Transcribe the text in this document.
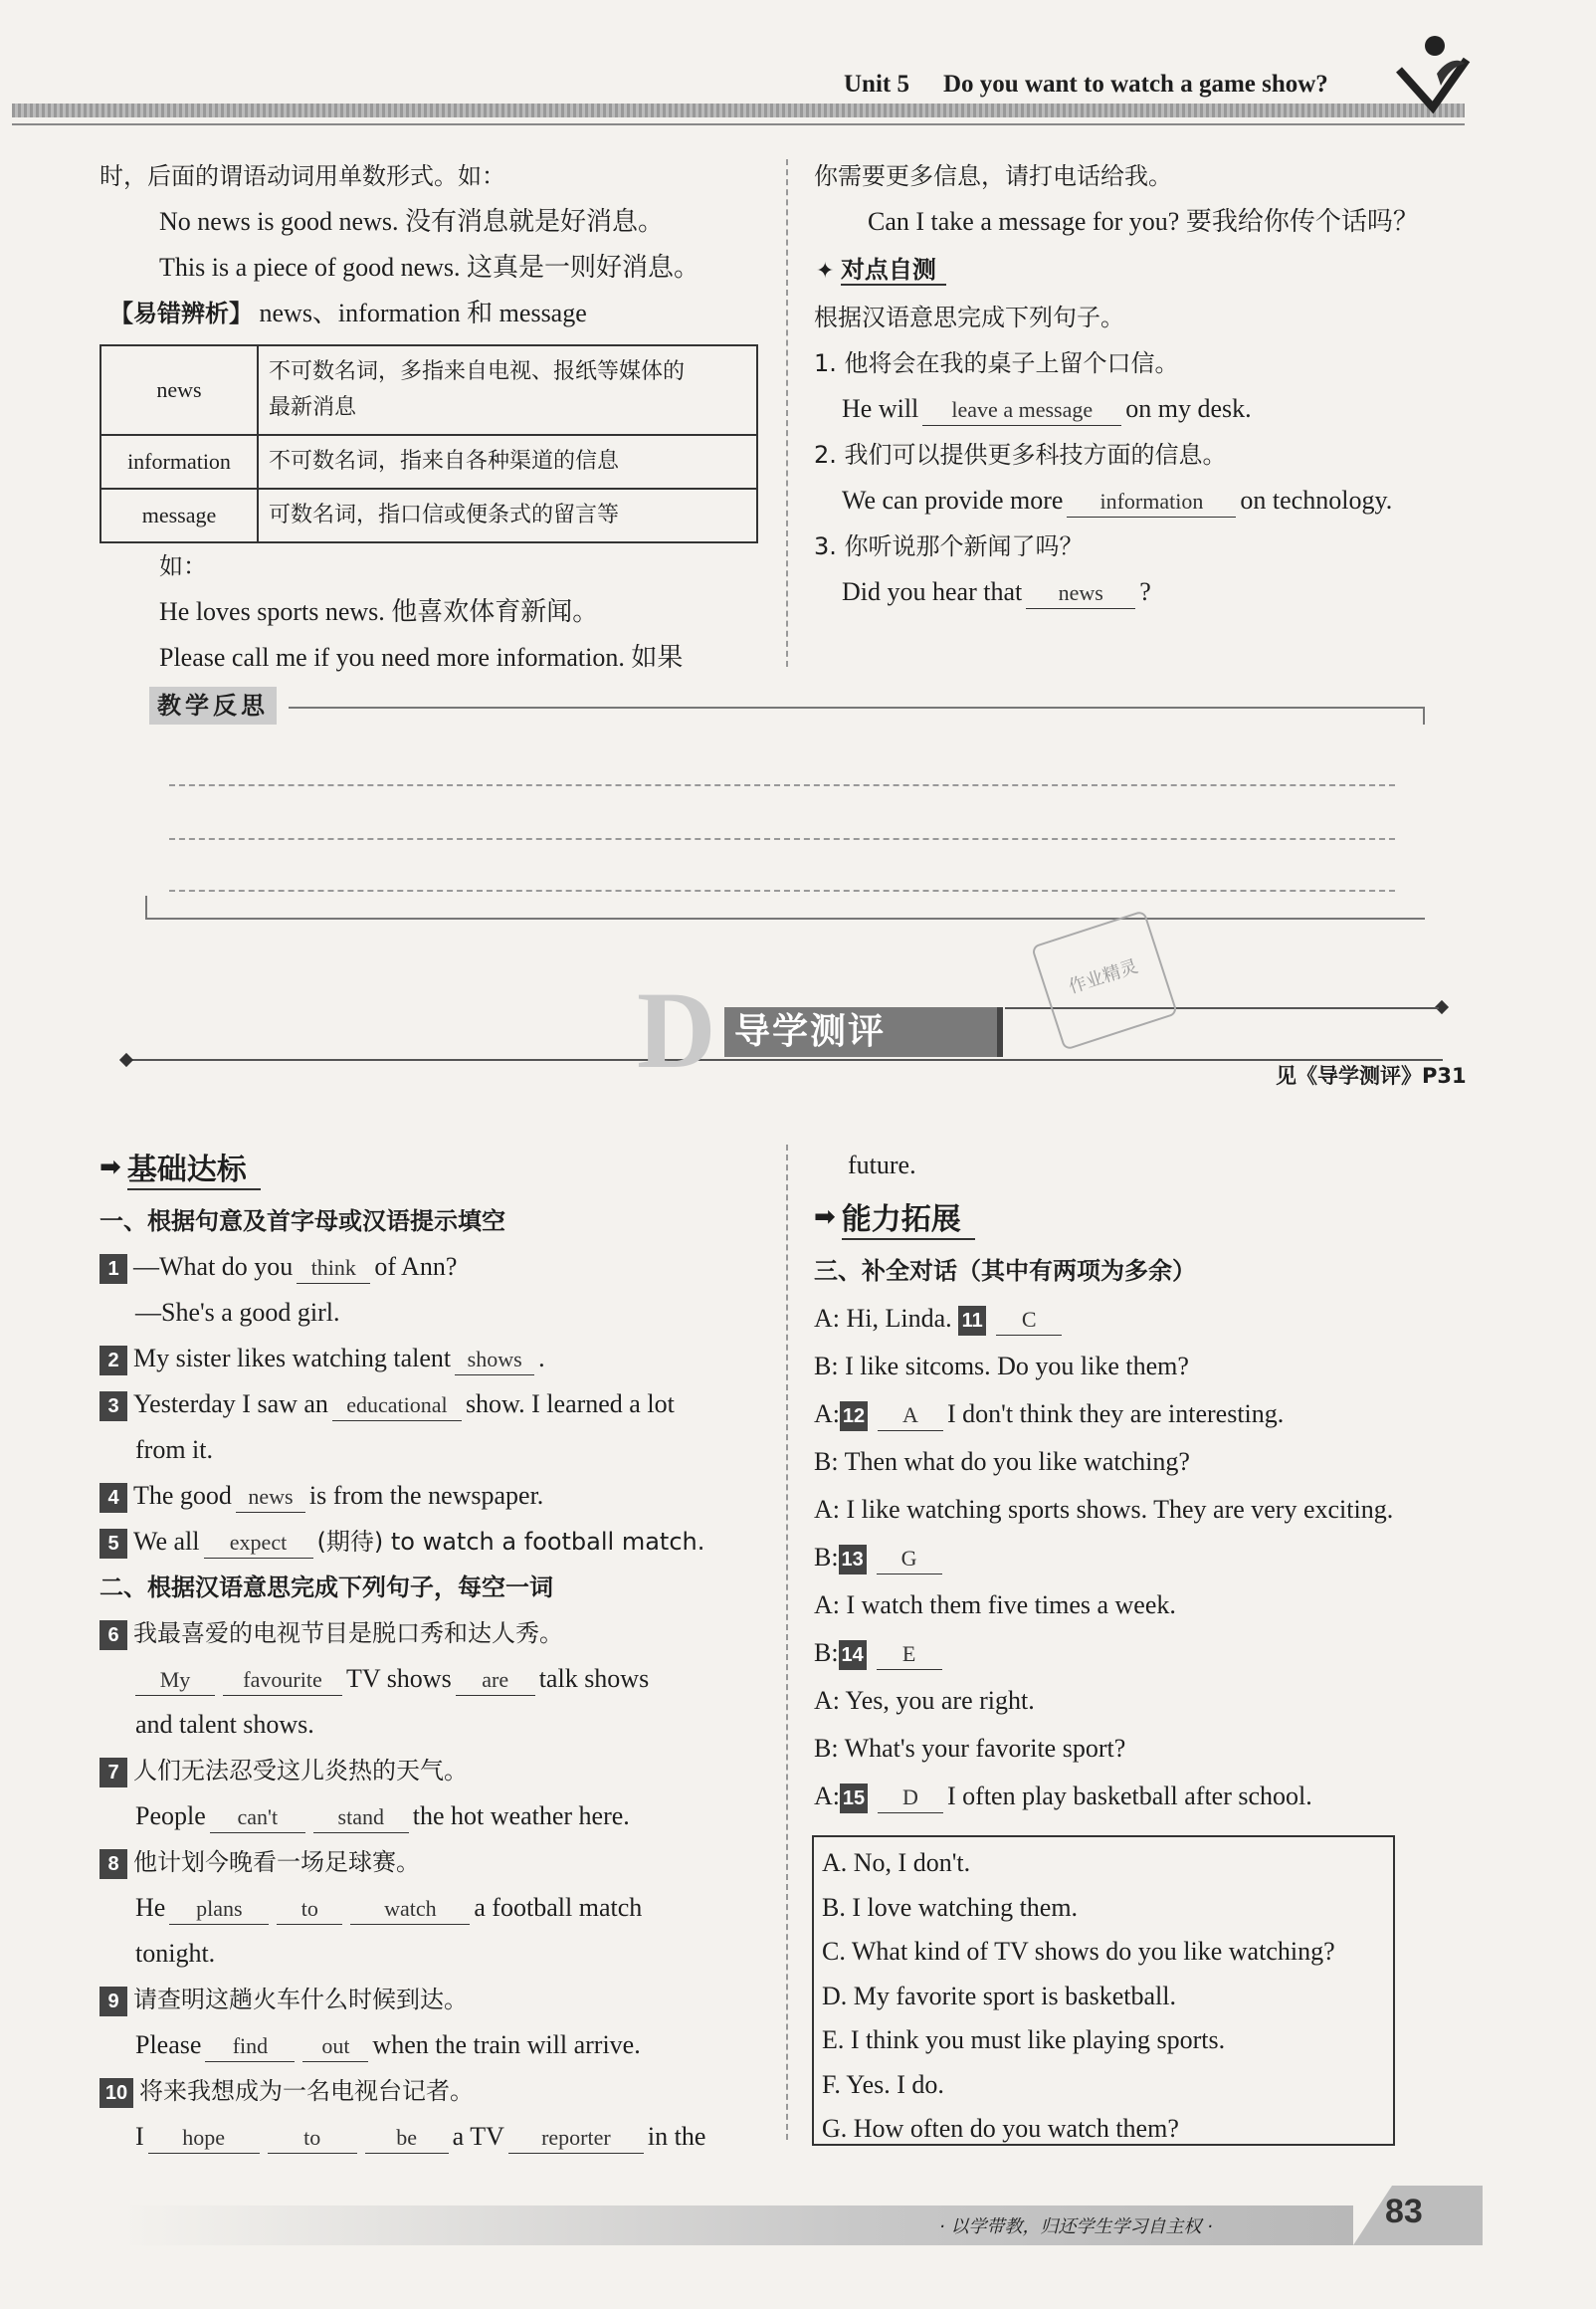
Unit 5 Do you want to watch a game show?
时，后面的谓语动词用单数形式。如：
No news is good news. 没有消息就是好消息。
This is a piece of good news. 这真是一则好消息。
【易错辨析】 news、information 和 message
news	不可数名词，多指来自电视、报纸等媒体的
最新消息
information	不可数名词，指来自各种渠道的信息
message	可数名词，指口信或便条式的留言等
如：
He loves sports news. 他喜欢体育新闻。
Please call me if you need more information. 如果
你需要更多信息，请打电话给我。
Can I take a message for you? 要我给你传个话吗？
✦ 对点自测
根据汉语意思完成下列句子。
1. 他将会在我的桌子上留个口信。
He will leave a message on my desk.
2. 我们可以提供更多科技方面的信息。
We can provide more information on technology.
3. 你听说那个新闻了吗？
Did you hear that news ?
教学反思
D 导学测评
作业精灵
见《导学测评》P31
➡ 基础达标
一、根据句意及首字母或汉语提示填空
1 —What do you think of Ann?
—She's a good girl.
2 My sister likes watching talent shows .
3 Yesterday I saw an educational show. I learned a lot
from it.
4 The good news is from the newspaper.
5 We all expect (期待) to watch a football match.
二、根据汉语意思完成下列句子，每空一词
6 我最喜爱的电视节目是脱口秀和达人秀。
My favourite TV shows are talk shows
and talent shows.
7 人们无法忍受这儿炎热的天气。
People can't	stand the hot weather here.
8 他计划今晚看一场足球赛。
He plans	to	watch a football match
tonight.
9 请查明这趟火车什么时候到达。
Please find out when the train will arrive.
10 将来我想成为一名电视台记者。
I hope	to	be a TV reporter in the
future.
➡ 能力拓展
三、补全对话（其中有两项为多余）
A: Hi, Linda. 11 C
B: I like sitcoms. Do you like them?
A: 12 A I don't think they are interesting.
B: Then what do you like watching?
A: I like watching sports shows. They are very exciting.
B: 13 G
A: I watch them five times a week.
B: 14 E
A: Yes, you are right.
B: What's your favorite sport?
A: 15 D I often play basketball after school.
A. No, I don't.
B. I love watching them.
C. What kind of TV shows do you like watching?
D. My favorite sport is basketball.
E. I think you must like playing sports.
F. Yes. I do.
G. How often do you watch them?
· 以学带教，归还学生学习自主权 ·	83
